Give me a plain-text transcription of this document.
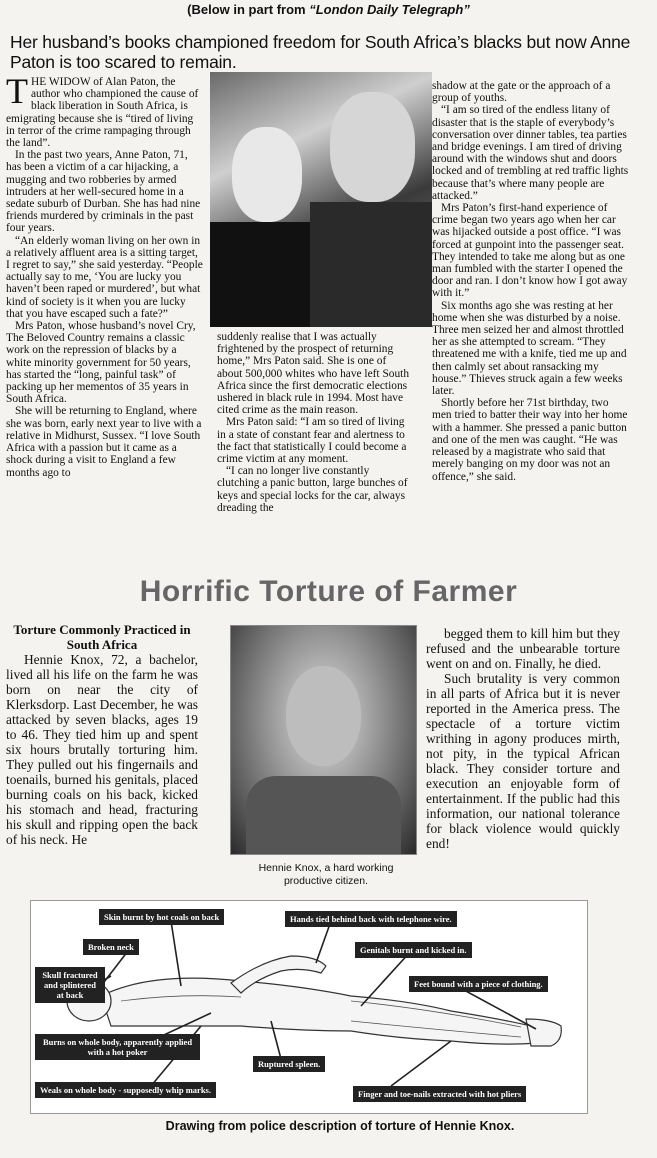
(Below in part from “London Daily Telegraph”
Her husband’s books championed freedom for South Africa’s blacks but now Anne Paton is too scared to remain.

THE WIDOW of Alan Paton, the author who championed the cause of black liberation in South Africa, is emigrating because she is “tired of living in terror of the crime rampaging through the land”.

In the past two years, Anne Paton, 71, has been a victim of a car hijacking, a mugging and two robberies by armed intruders at her well-secured home in a sedate suburb of Durban. She has had nine friends murdered by criminals in the past four years.

“An elderly woman living on her own in a relatively affluent area is a sitting target, I regret to say,” she said yesterday. “People actually say to me, ‘You are lucky you haven’t been raped or murdered’, but what kind of society is it when you are lucky that you have escaped such a fate?”

Mrs Paton, whose husband’s novel Cry, The Beloved Country remains a classic work on the repression of blacks by a white minority government for 50 years, has started the “long, painful task” of packing up her mementos of 35 years in South Africa.

She will be returning to England, where she was born, early next year to live with a relative in Midhurst, Sussex. “I love South Africa with a passion but it came as a shock during a visit to England a few months ago to

suddenly realise that I was actually frightened by the prospect of returning home,” Mrs Paton said. She is one of about 500,000 whites who have left South Africa since the first democratic elections ushered in black rule in 1994. Most have cited crime as the main reason.

Mrs Paton said: “I am so tired of living in a state of constant fear and alertness to the fact that statistically I could become a crime victim at any moment.

“I can no longer live constantly clutching a panic button, large bunches of keys and special locks for the car, always dreading the

shadow at the gate or the approach of a group of youths.

“I am so tired of the endless litany of disaster that is the staple of everybody’s conversation over dinner tables, tea parties and bridge evenings. I am tired of driving around with the windows shut and doors locked and of trembling at red traffic lights because that’s where many people are attacked.”

Mrs Paton’s first-hand experience of crime began two years ago when her car was hijacked outside a post office. “I was forced at gunpoint into the passenger seat. They intended to take me along but as one man fumbled with the starter I opened the door and ran. I don’t know how I got away with it.”

Six months ago she was resting at her home when she was disturbed by a noise. Three men seized her and almost throttled her as she attempted to scream. “They threatened me with a knife, tied me up and then calmly set about ransacking my house.” Thieves struck again a few weeks later.

Shortly before her 71st birthday, two men tried to batter their way into her home with a hammer. She pressed a panic button and one of the men was caught. “He was released by a magistrate who said that merely banging on my door was not an offence,” she said.

Horrific Torture of Farmer
Torture Commonly Practiced in South Africa

Hennie Knox, 72, a bachelor, lived all his life on the farm he was born on near the city of Klerksdorp. Last December, he was attacked by seven blacks, ages 19 to 46. They tied him up and spent six hours brutally torturing him. They pulled out his fingernails and toenails, burned his genitals, placed burning coals on his back, kicked his stomach and head, fracturing his skull and ripping open the back of his neck. He

Hennie Knox, a hard working productive citizen.

begged them to kill him but they refused and the unbearable torture went on and on. Finally, he died.

Such brutality is very common in all parts of Africa but it is never reported in the America press. The spectacle of a torture victim writhing in agony produces mirth, not pity, in the typical African black. They consider torture and execution an enjoyable form of entertainment. If the public had this information, our national tolerance for black violence would quickly end!

Skin burnt by hot coals on back	Hands tied behind back with telephone wire.
Broken neck	Genitals burnt and kicked in.
Skull fractured and splintered at back
Feet bound with a piece of clothing.
Burns on whole body, apparently applied with a hot poker
Ruptured spleen.
Weals on whole body - supposedly whip marks.	Finger and toe-nails extracted with hot pliers
Drawing from police description of torture of Hennie Knox.
